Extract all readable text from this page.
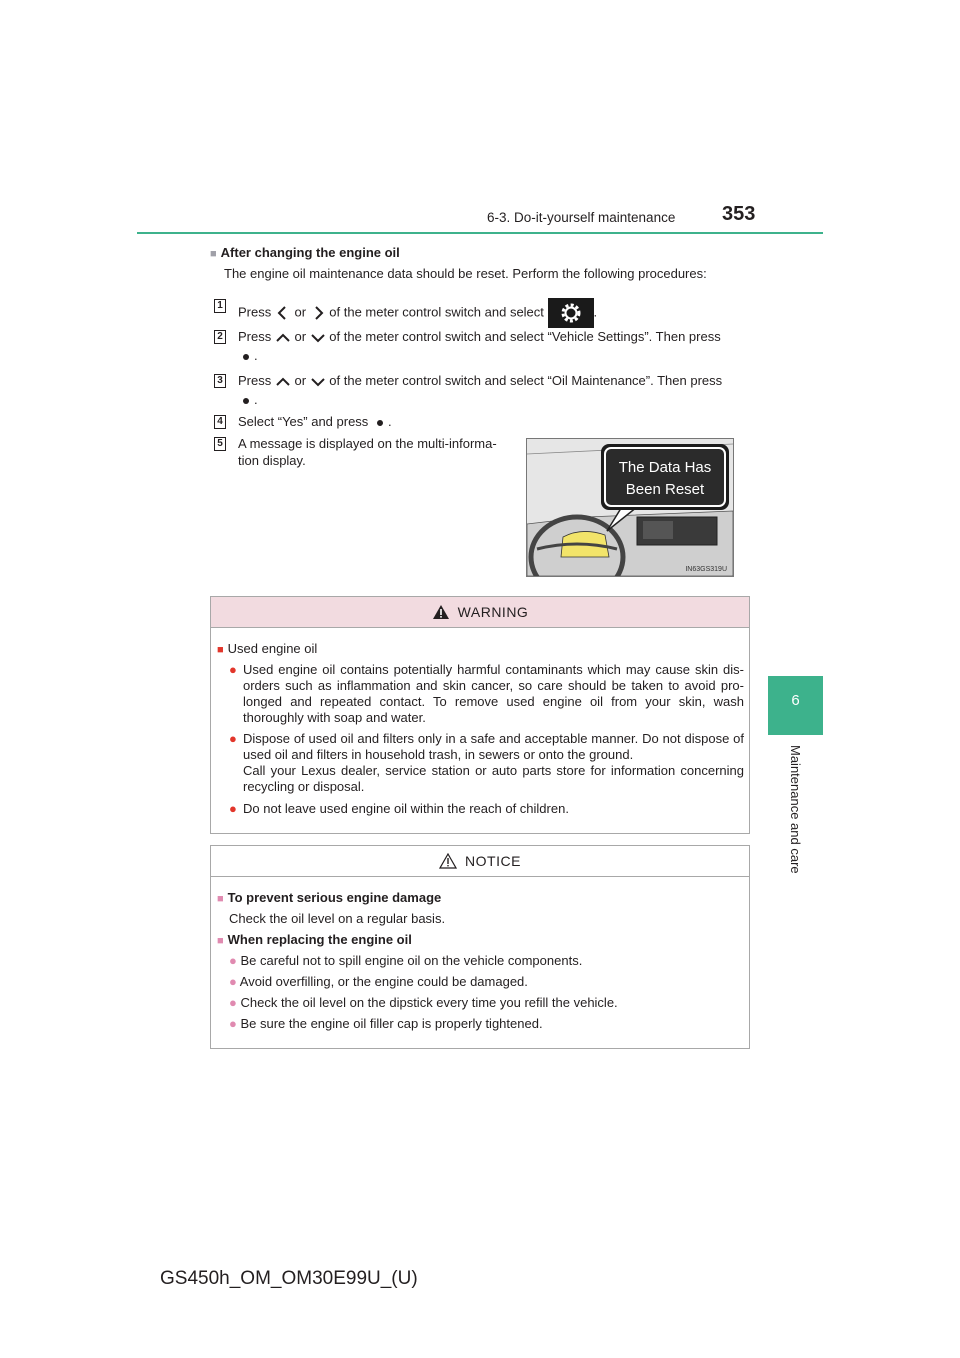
6-3. Do-it-yourself maintenance 353
6
Maintenance and care
■ After changing the engine oil
The engine oil maintenance data should be reset. Perform the following procedures:
1 Press or of the meter control switch and select	.
2 Press or of the meter control switch and select “Vehicle Settings”. Then press
.
3 Press or of the meter control switch and select “Oil Maintenance”. Then press
.
4 Select “Yes” and press .
5 A message is displayed on the multi-informa-
tion display.	The Data Has
Been Reset
IN63GS319U
WARNING
■ Used engine oil
● Used engine oil contains potentially harmful contaminants which may cause skin dis-
orders such as inflammation and skin cancer, so care should be taken to avoid pro-
longed and repeated contact. To remove used engine oil from your skin, wash
thoroughly with soap and water.
● Dispose of used oil and filters only in a safe and acceptable manner. Do not dispose of
used oil and filters in household trash, in sewers or onto the ground.
Call your Lexus dealer, service station or auto parts store for information concerning
recycling or disposal.
● Do not leave used engine oil within the reach of children.
NOTICE
■ To prevent serious engine damage
Check the oil level on a regular basis.
■ When replacing the engine oil
● Be careful not to spill engine oil on the vehicle components.
● Avoid overfilling, or the engine could be damaged.
● Check the oil level on the dipstick every time you refill the vehicle.
● Be sure the engine oil filler cap is properly tightened.
GS450h_OM_OM30E99U_(U)
